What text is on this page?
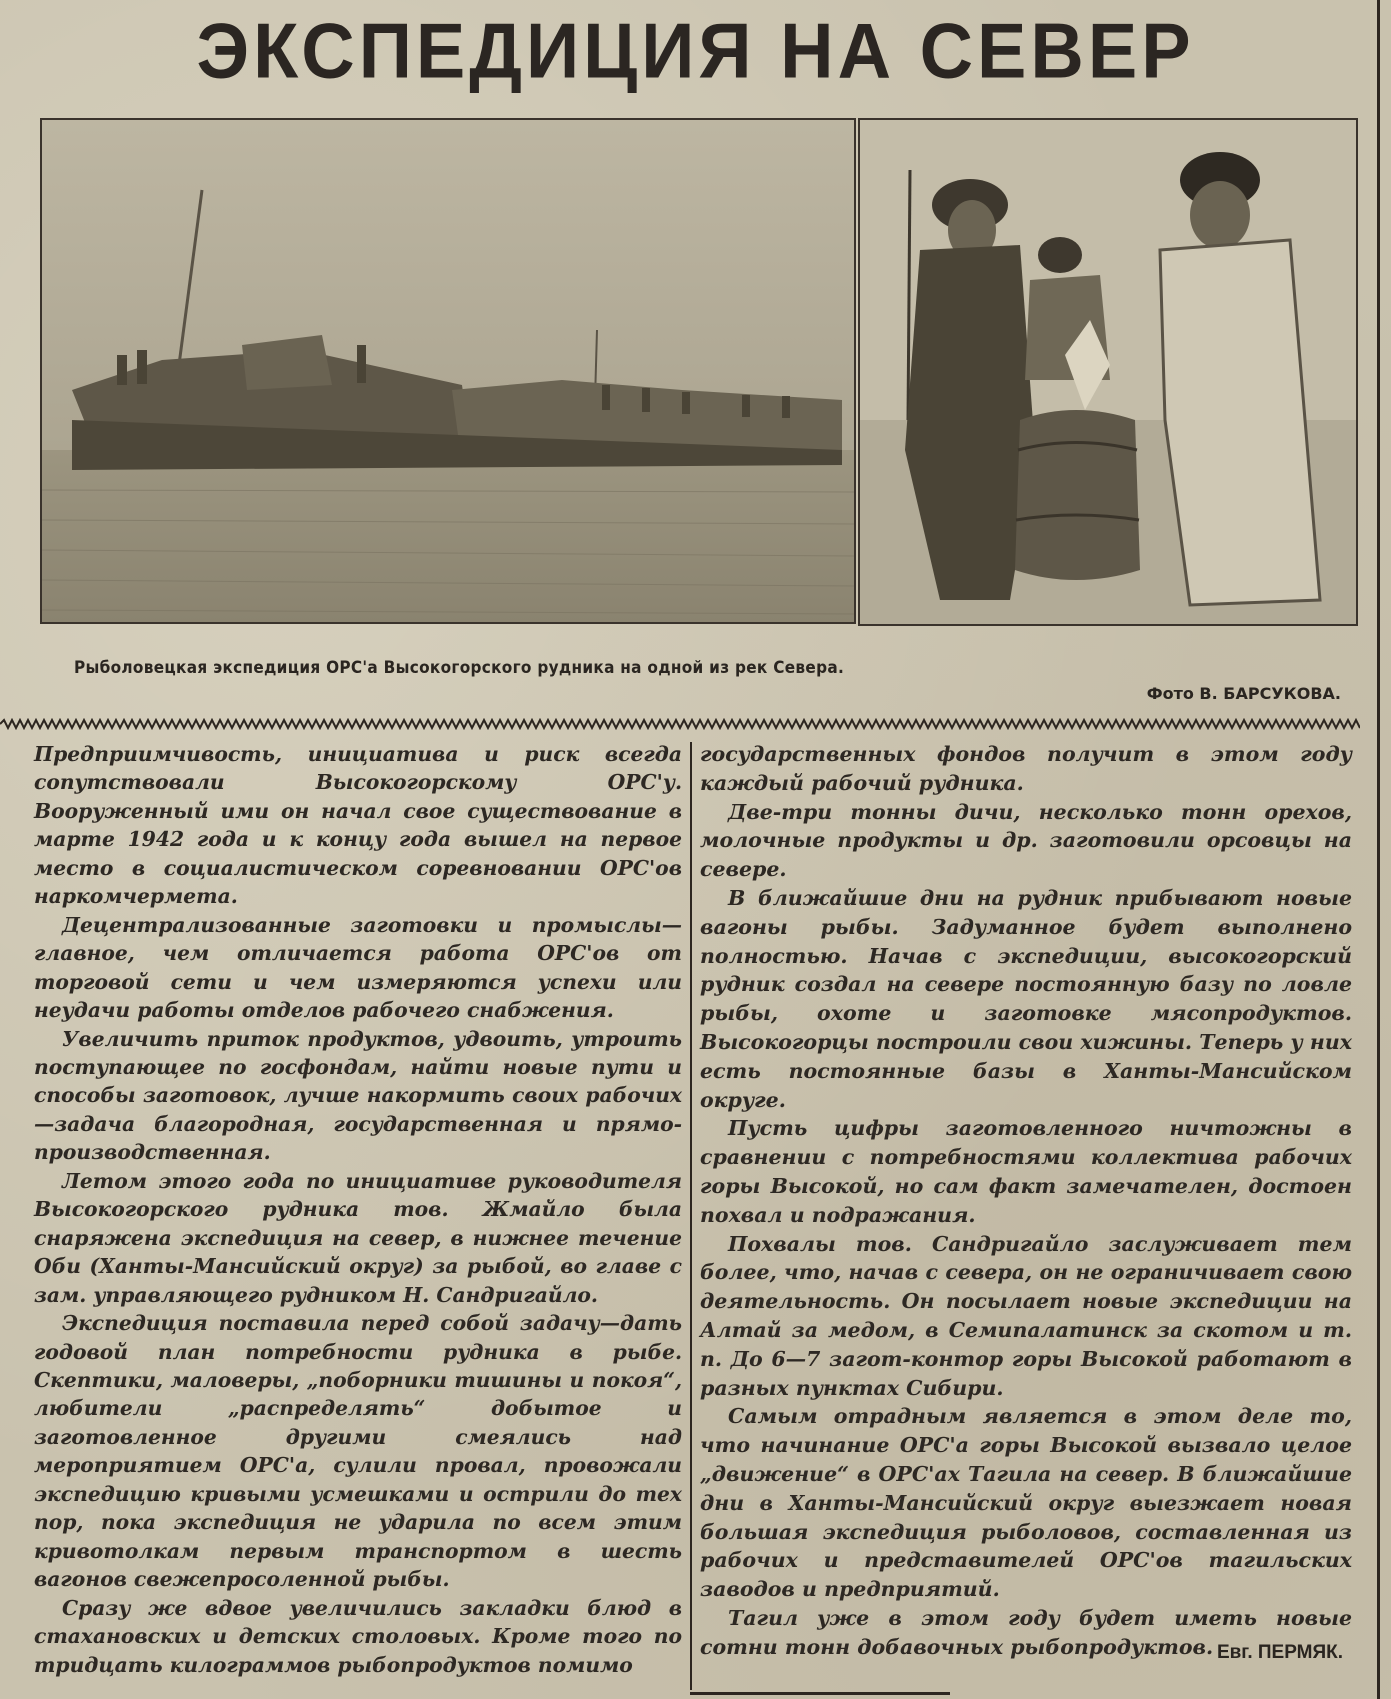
ЭКСПЕДИЦИЯ НА СЕВЕР
Рыболовецкая экспедиция ОРС'а Высокогорского рудника на одной из рек Севера.
Фото В. БАРСУКОВА.

Предприимчивость, инициатива и риск всегда сопутствовали Высокогорскому ОРС'у. Вооруженный ими он начал свое существование в марте 1942 года и к концу года вышел на первое место в социалистическом соревновании ОРС'ов наркомчермета.

Децентрализованные заготовки и промыслы—главное, чем отличается работа ОРС'ов от торговой сети и чем измеряются успехи или неудачи работы отделов рабочего снабжения.

Увеличить приток продуктов, удвоить, утроить поступающее по госфондам, найти новые пути и способы заготовок, лучше накормить своих рабочих—задача благородная, государственная и прямо-производственная.

Летом этого года по инициативе руководителя Высокогорского рудника тов. Жмайло была снаряжена экспедиция на север, в нижнее течение Оби (Ханты-Мансийский округ) за рыбой, во главе с зам. управляющего рудником Н. Сандригайло.

Экспедиция поставила перед собой задачу—дать годовой план потребности рудника в рыбе. Скептики, маловеры, „поборники тишины и покоя“, любители „распределять“ добытое и заготовленное другими смеялись над мероприятием ОРС'а, сулили провал, провожали экспедицию кривыми усмешками и острили до тех пор, пока экспедиция не ударила по всем этим кривотолкам первым транспортом в шесть вагонов свежепросоленной рыбы.

Сразу же вдвое увеличились закладки блюд в стахановских и детских столовых. Кроме того по тридцать килограммов рыбопродуктов помимо

государственных фондов получит в этом году каждый рабочий рудника.

Две-три тонны дичи, несколько тонн орехов, молочные продукты и др. заготовили орсовцы на севере.

В ближайшие дни на рудник прибывают новые вагоны рыбы. Задуманное будет выполнено полностью. Начав с экспедиции, высокогорский рудник создал на севере постоянную базу по ловле рыбы, охоте и заготовке мясопродуктов. Высокогорцы построили свои хижины. Теперь у них есть постоянные базы в Ханты-Мансийском округе.

Пусть цифры заготовленного ничтожны в сравнении с потребностями коллектива рабочих горы Высокой, но сам факт замечателен, достоен похвал и подражания.

Похвалы тов. Сандригайло заслуживает тем более, что, начав с севера, он не ограничивает свою деятельность. Он посылает новые экспедиции на Алтай за медом, в Семипалатинск за скотом и т. п. До 6—7 загот-контор горы Высокой работают в разных пунктах Сибири.

Самым отрадным является в этом деле то, что начинание ОРС'а горы Высокой вызвало целое „движение“ в ОРС'ах Тагила на север. В ближайшие дни в Ханты-Мансийский округ выезжает новая большая экспедиция рыболовов, составленная из рабочих и представителей ОРС'ов тагильских заводов и предприятий.

Тагил уже в этом году будет иметь новые сотни тонн добавочных рыбопродуктов. Евг. ПЕРМЯК.
